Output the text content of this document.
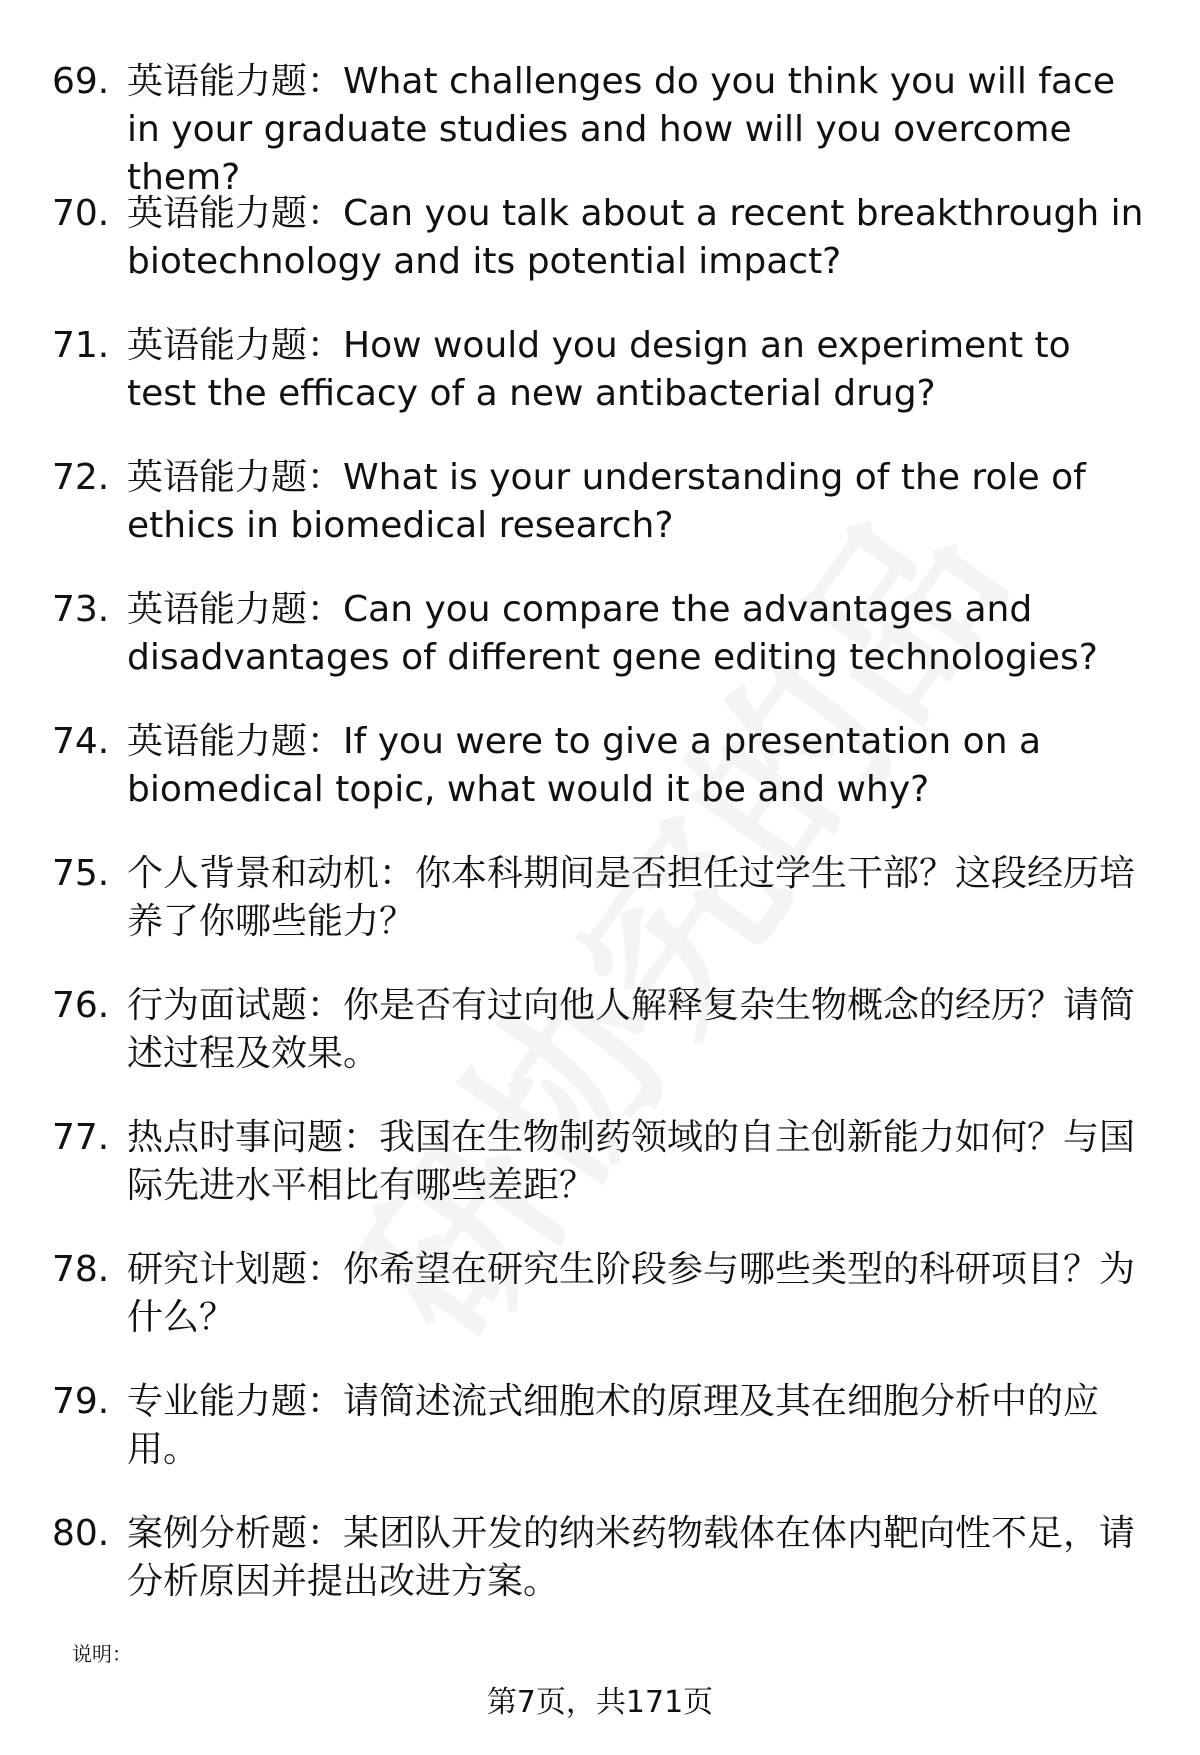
69. 英语能力题：What challenges do you think you will face in your graduate studies and how will you overcome them?
70. 英语能力题：Can you talk about a recent breakthrough in biotechnology and its potential impact?
71. 英语能力题：How would you design an experiment to test the efficacy of a new antibacterial drug?
72. 英语能力题：What is your understanding of the role of ethics in biomedical research?
73. 英语能力题：Can you compare the advantages and disadvantages of different gene editing technologies?
74. 英语能力题：If you were to give a presentation on a biomedical topic, what would it be and why?
75. 个人背景和动机：你本科期间是否担任过学生干部？这段经历培养了你哪些能力？
76. 行为面试题：你是否有过向他人解释复杂生物概念的经历？请简述过程及效果。
77. 热点时事问题：我国在生物制药领域的自主创新能力如何？与国际先进水平相比有哪些差距？
78. 研究计划题：你希望在研究生阶段参与哪些类型的科研项目？为什么？
79. 专业能力题：请简述流式细胞术的原理及其在细胞分析中的应用。
80. 案例分析题：某团队开发的纳米药物载体在体内靶向性不足，请分析原因并提出改进方案。
说明：
第7页，共171页
